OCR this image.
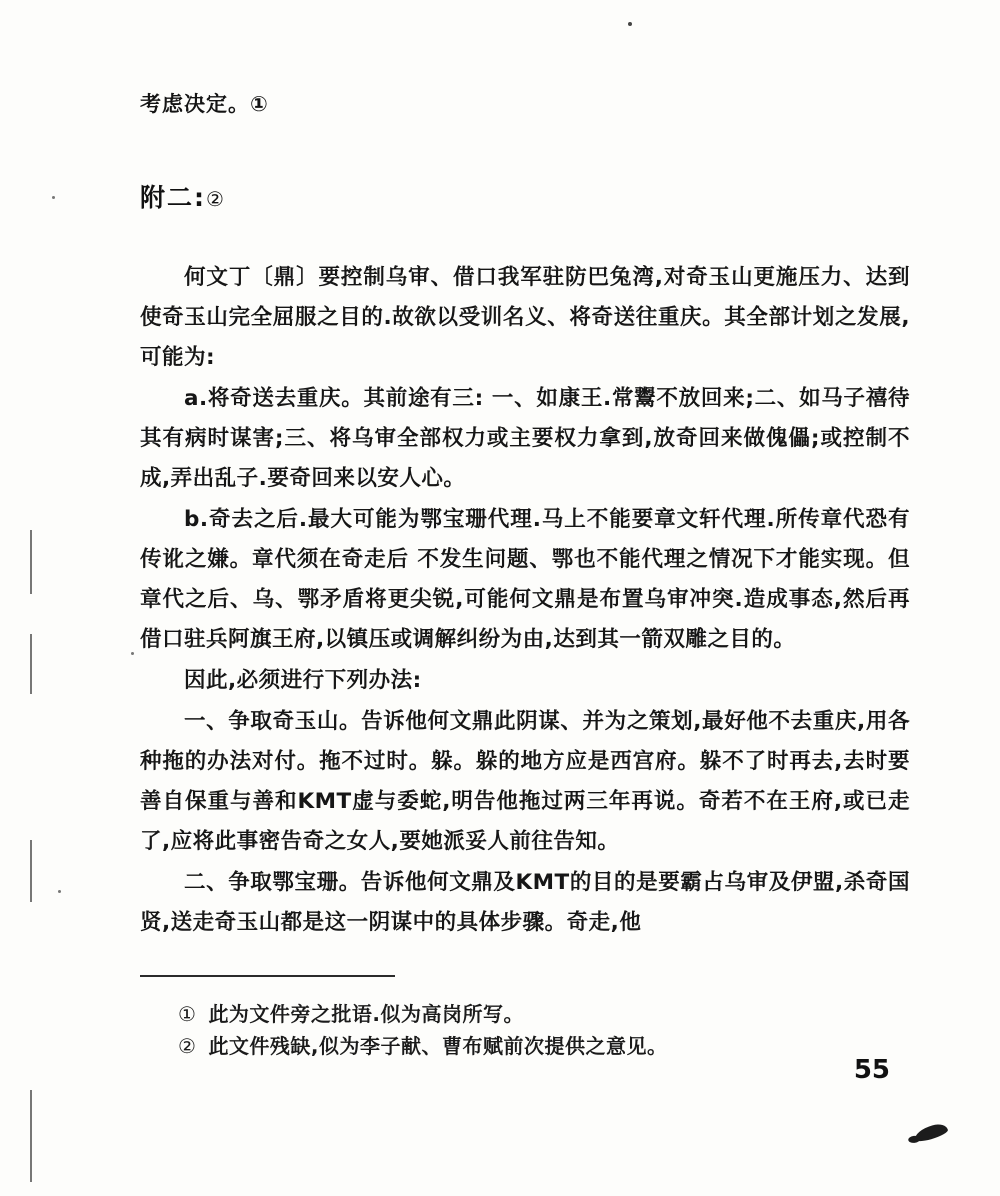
考虑决定。①

附二:②

何文丁〔鼎〕要控制乌审、借口我军驻防巴兔湾,对奇玉山更施压力、达到使奇玉山完全屈服之目的.故欲以受训名义、将奇送往重庆。其全部计划之发展,可能为:

a.将奇送去重庆。其前途有三: 一、如康王.常鬻不放回来;二、如马子禧待其有病时谋害;三、将乌审全部权力或主要权力拿到,放奇回来做傀儡;或控制不成,弄出乱子.要奇回来以安人心。

b.奇去之后.最大可能为鄂宝珊代理.马上不能要章文轩代理.所传章代恐有传讹之嫌。章代须在奇走后 不发生问题、鄂也不能代理之情况下才能实现。但章代之后、乌、鄂矛盾将更尖锐,可能何文鼎是布置乌审冲突.造成事态,然后再借口驻兵阿旗王府,以镇压或调解纠纷为由,达到其一箭双雕之目的。

因此,必须进行下列办法:

一、争取奇玉山。告诉他何文鼎此阴谋、并为之策划,最好他不去重庆,用各种拖的办法对付。拖不过时。躲。躲的地方应是西宫府。躲不了时再去,去时要善自保重与善和KMT虚与委蛇,明告他拖过两三年再说。奇若不在王府,或已走了,应将此事密告奇之女人,要她派妥人前往告知。

二、争取鄂宝珊。告诉他何文鼎及KMT的目的是要霸占乌审及伊盟,杀奇国贤,送走奇玉山都是这一阴谋中的具体步骤。奇走,他

① 此为文件旁之批语.似为高岗所写。
② 此文件残缺,似为李子献、曹布赋前次提供之意见。
55
